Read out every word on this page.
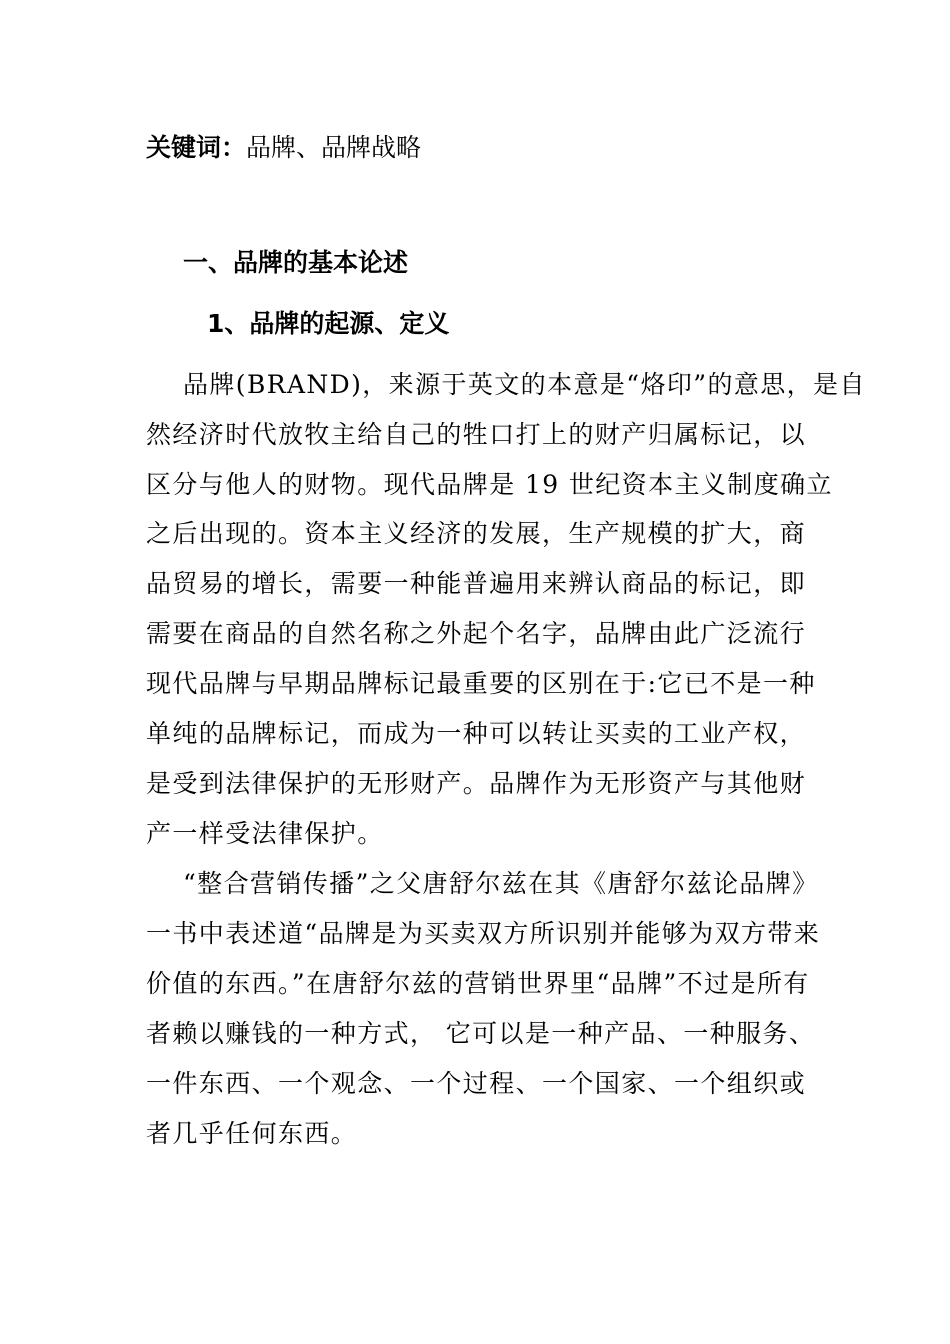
关键词：品牌、品牌战略
一、品牌的基本论述
1、品牌的起源、定义
品牌(BRAND)，来源于英文的本意是“烙印”的意思，是自
然经济时代放牧主给自己的牲口打上的财产归属标记，以
区分与他人的财物。现代品牌是 19 世纪资本主义制度确立
之后出现的。资本主义经济的发展，生产规模的扩大，商
品贸易的增长，需要一种能普遍用来辨认商品的标记，即
需要在商品的自然名称之外起个名字，品牌由此广泛流行
现代品牌与早期品牌标记最重要的区别在于:它已不是一种
单纯的品牌标记，而成为一种可以转让买卖的工业产权，
是受到法律保护的无形财产。品牌作为无形资产与其他财
产一样受法律保护。
“整合营销传播”之父唐舒尔兹在其《唐舒尔兹论品牌》
一书中表述道“品牌是为买卖双方所识别并能够为双方带来
价值的东西。”在唐舒尔兹的营销世界里“品牌”不过是所有
者赖以赚钱的一种方式， 它可以是一种产品、一种服务、
一件东西、一个观念、一个过程、一个国家、一个组织或
者几乎任何东西。
